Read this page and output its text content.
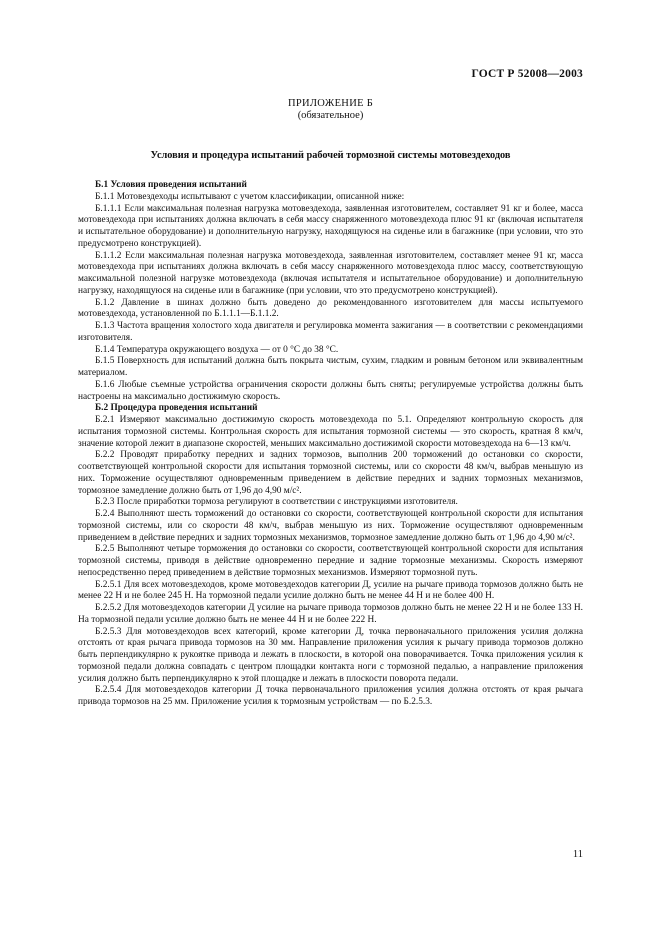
ГОСТ Р 52008—2003
ПРИЛОЖЕНИЕ Б
(обязательное)
Условия и процедура испытаний рабочей тормозной системы мотовездеходов

Б.1 Условия проведения испытаний

Б.1.1 Мотовездеходы испытывают с учетом классификации, описанной ниже:

Б.1.1.1 Если максимальная полезная нагрузка мотовездехода, заявленная изготовителем, составляет 91 кг и более, масса мотовездехода при испытаниях должна включать в себя массу снаряженного мотовездехода плюс 91 кг (включая испытателя и испытательное оборудование) и дополнительную нагрузку, находящуюся на сиденье или в багажнике (при условии, что это предусмотрено конструкцией).

Б.1.1.2 Если максимальная полезная нагрузка мотовездехода, заявленная изготовителем, составляет менее 91 кг, масса мотовездехода при испытаниях должна включать в себя массу снаряженного мотовездехода плюс массу, соответствующую максимальной полезной нагрузке мотовездехода (включая испытателя и испытательное оборудование) и дополнительную нагрузку, находящуюся на сиденье или в багажнике (при условии, что это предусмотрено конструкцией).

Б.1.2 Давление в шинах должно быть доведено до рекомендованного изготовителем для массы испытуемого мотовездехода, установленной по Б.1.1.1—Б.1.1.2.

Б.1.3 Частота вращения холостого хода двигателя и регулировка момента зажигания — в соответствии с рекомендациями изготовителя.

Б.1.4 Температура окружающего воздуха — от 0 °С до 38 °С.

Б.1.5 Поверхность для испытаний должна быть покрыта чистым, сухим, гладким и ровным бетоном или эквивалентным материалом.

Б.1.6 Любые съемные устройства ограничения скорости должны быть сняты; регулируемые устройства должны быть настроены на максимально достижимую скорость.

Б.2 Процедура проведения испытаний

Б.2.1 Измеряют максимально достижимую скорость мотовездехода по 5.1. Определяют контрольную скорость для испытания тормозной системы. Контрольная скорость для испытания тормозной системы — это скорость, кратная 8 км/ч, значение которой лежит в диапазоне скоростей, меньших максимально достижимой скорости мотовездехода на 6—13 км/ч.

Б.2.2 Проводят приработку передних и задних тормозов, выполнив 200 торможений до остановки со скорости, соответствующей контрольной скорости для испытания тормозной системы, или со скорости 48 км/ч, выбрав меньшую из них. Торможение осуществляют одновременным приведением в действие передних и задних тормозных механизмов, тормозное замедление должно быть от 1,96 до 4,90 м/с².

Б.2.3 После приработки тормоза регулируют в соответствии с инструкциями изготовителя.

Б.2.4 Выполняют шесть торможений до остановки со скорости, соответствующей контрольной скорости для испытания тормозной системы, или со скорости 48 км/ч, выбрав меньшую из них. Торможение осуществляют одновременным приведением в действие передних и задних тормозных механизмов, тормозное замедление должно быть от 1,96 до 4,90 м/с².

Б.2.5 Выполняют четыре торможения до остановки со скорости, соответствующей контрольной скорости для испытания тормозной системы, приводя в действие одновременно передние и задние тормозные механизмы. Скорость измеряют непосредственно перед приведением в действие тормозных механизмов. Измеряют тормозной путь.

Б.2.5.1 Для всех мотовездеходов, кроме мотовездеходов категории Д, усилие на рычаге привода тормозов должно быть не менее 22 Н и не более 245 Н. На тормозной педали усилие должно быть не менее 44 Н и не более 400 Н.

Б.2.5.2 Для мотовездеходов категории Д усилие на рычаге привода тормозов должно быть не менее 22 Н и не более 133 Н. На тормозной педали усилие должно быть не менее 44 Н и не более 222 Н.

Б.2.5.3 Для мотовездеходов всех категорий, кроме категории Д, точка первоначального приложения усилия должна отстоять от края рычага привода тормозов на 30 мм. Направление приложения усилия к рычагу привода тормозов должно быть перпендикулярно к рукоятке привода и лежать в плоскости, в которой она поворачивается. Точка приложения усилия к тормозной педали должна совпадать с центром площадки контакта ноги с тормозной педалью, а направление приложения усилия должно быть перпендикулярно к этой площадке и лежать в плоскости поворота педали.

Б.2.5.4 Для мотовездеходов категории Д точка первоначального приложения усилия должна отстоять от края рычага привода тормозов на 25 мм. Приложение усилия к тормозным устройствам — по Б.2.5.3.

11
